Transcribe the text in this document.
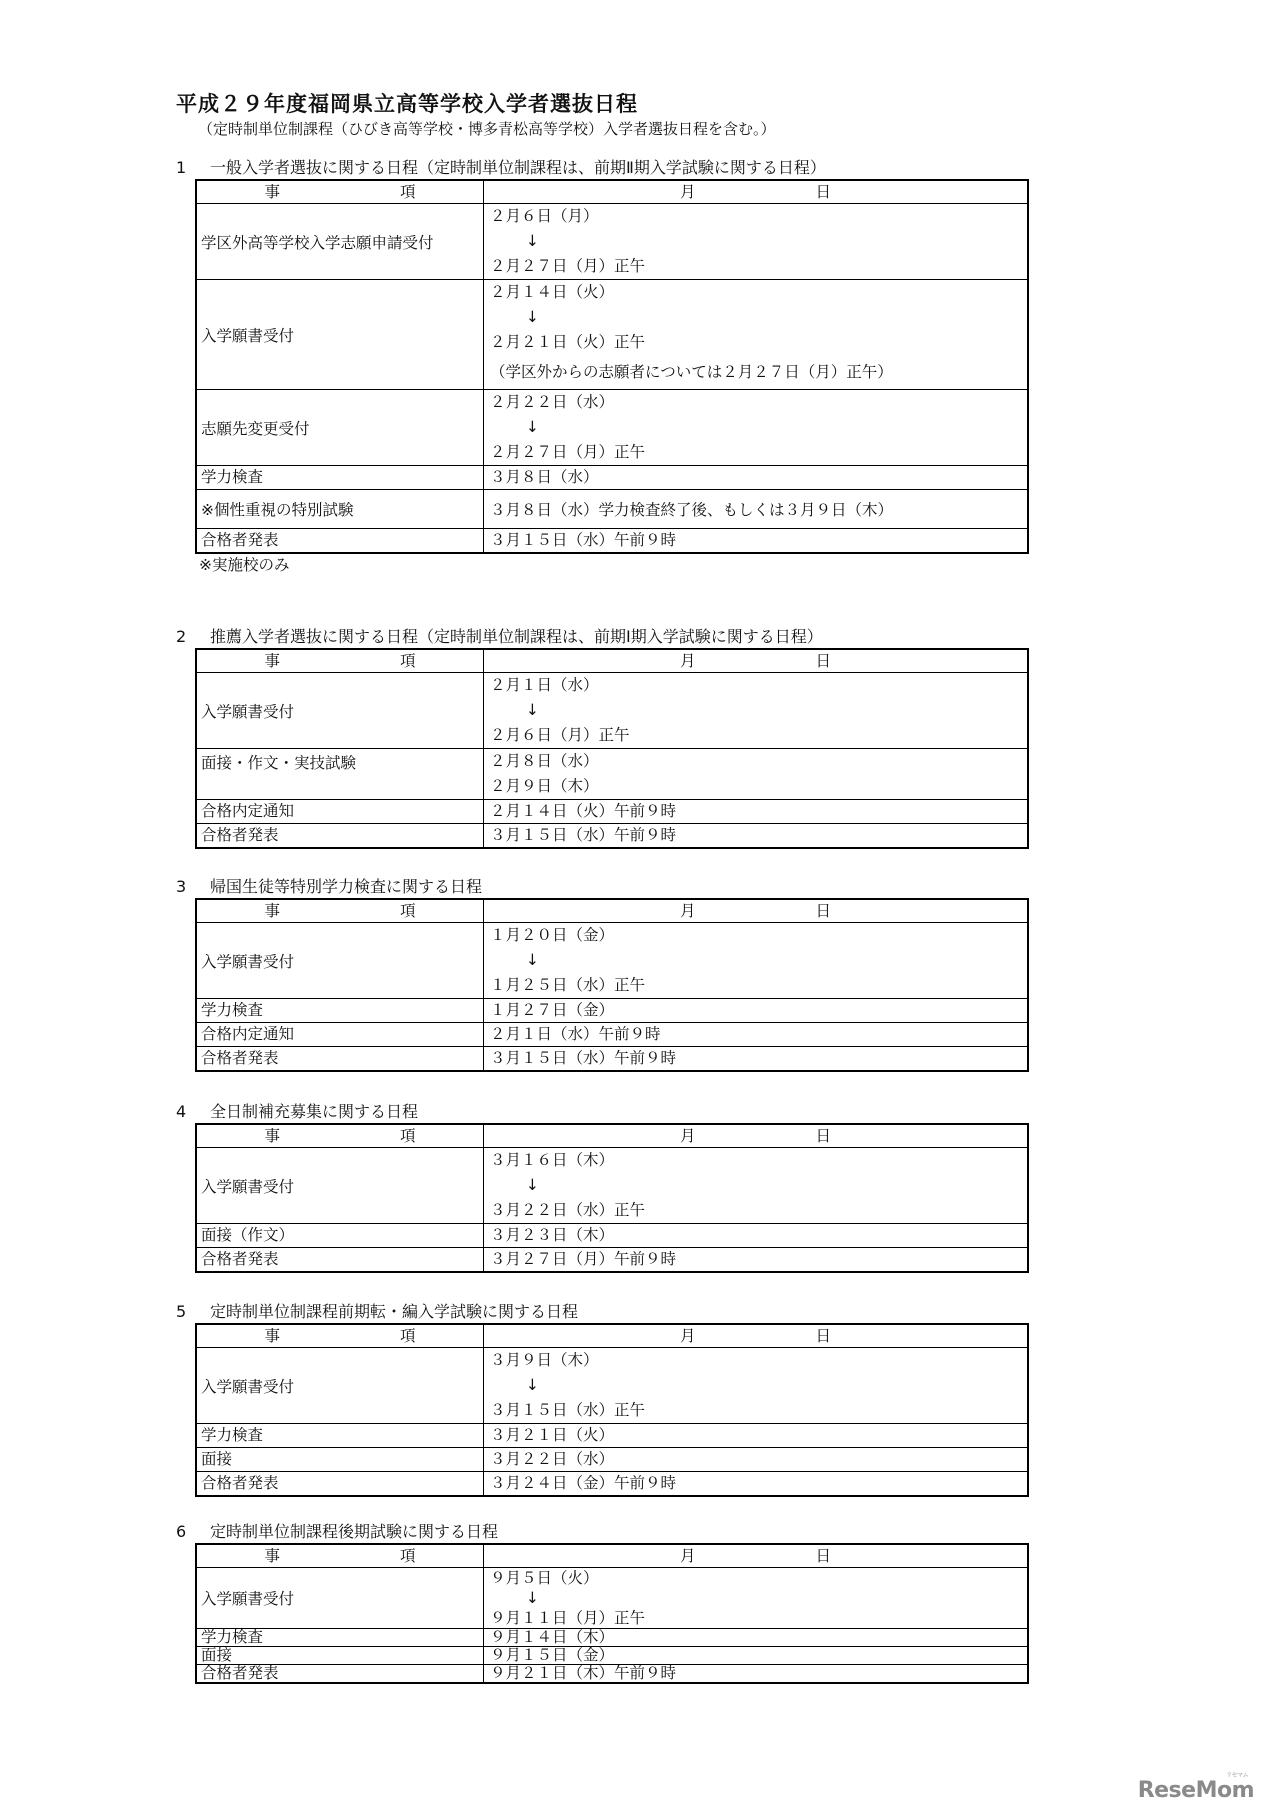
平成２９年度福岡県立高等学校入学者選抜日程
（定時制単位制課程（ひびき高等学校・博多青松高等学校）入学者選抜日程を含む。）
1 一般入学者選抜に関する日程（定時制単位制課程は、前期Ⅱ期入学試験に関する日程）
事 項	月 日
学区外高等学校入学志願申請受付	２月６日（月）
↓
２月２７日（月）正午

入学願書受付	２月１４日（火）
↓
２月２１日（火）正午
（学区外からの志願者については２月２７日（月）正午）

志願先変更受付	２月２２日（水）
↓
２月２７日（月）正午

学力検査	３月８日（水）
※個性重視の特別試験	３月８日（水）学力検査終了後、もしくは３月９日（木）
合格者発表	３月１５日（水）午前９時
※実施校のみ
2 推薦入学者選抜に関する日程（定時制単位制課程は、前期Ⅰ期入学試験に関する日程）
事 項	月 日
入学願書受付	２月１日（水）
↓
２月６日（月）正午

面接・作文・実技試験	２月８日（水）
２月９日（木）

合格内定通知	２月１４日（火）午前９時
合格者発表	３月１５日（水）午前９時
3 帰国生徒等特別学力検査に関する日程
事 項	月 日
入学願書受付	１月２０日（金）
↓
１月２５日（水）正午

学力検査	１月２７日（金）
合格内定通知	２月１日（水）午前９時
合格者発表	３月１５日（水）午前９時
4 全日制補充募集に関する日程
事 項	月 日
入学願書受付	３月１６日（木）
↓
３月２２日（水）正午

面接（作文）	３月２３日（木）
合格者発表	３月２７日（月）午前９時
5 定時制単位制課程前期転・編入学試験に関する日程
事 項	月 日
入学願書受付	３月９日（木）
↓
３月１５日（水）正午

学力検査	３月２１日（火）
面接	３月２２日（水）
合格者発表	３月２４日（金）午前９時
6 定時制単位制課程後期試験に関する日程
事 項	月 日
入学願書受付	９月５日（火）
↓
９月１１日（月）正午

学力検査	９月１４日（木）
面接	９月１５日（金）
合格者発表	９月２１日（木）午前９時
リセマム
ReseMom
